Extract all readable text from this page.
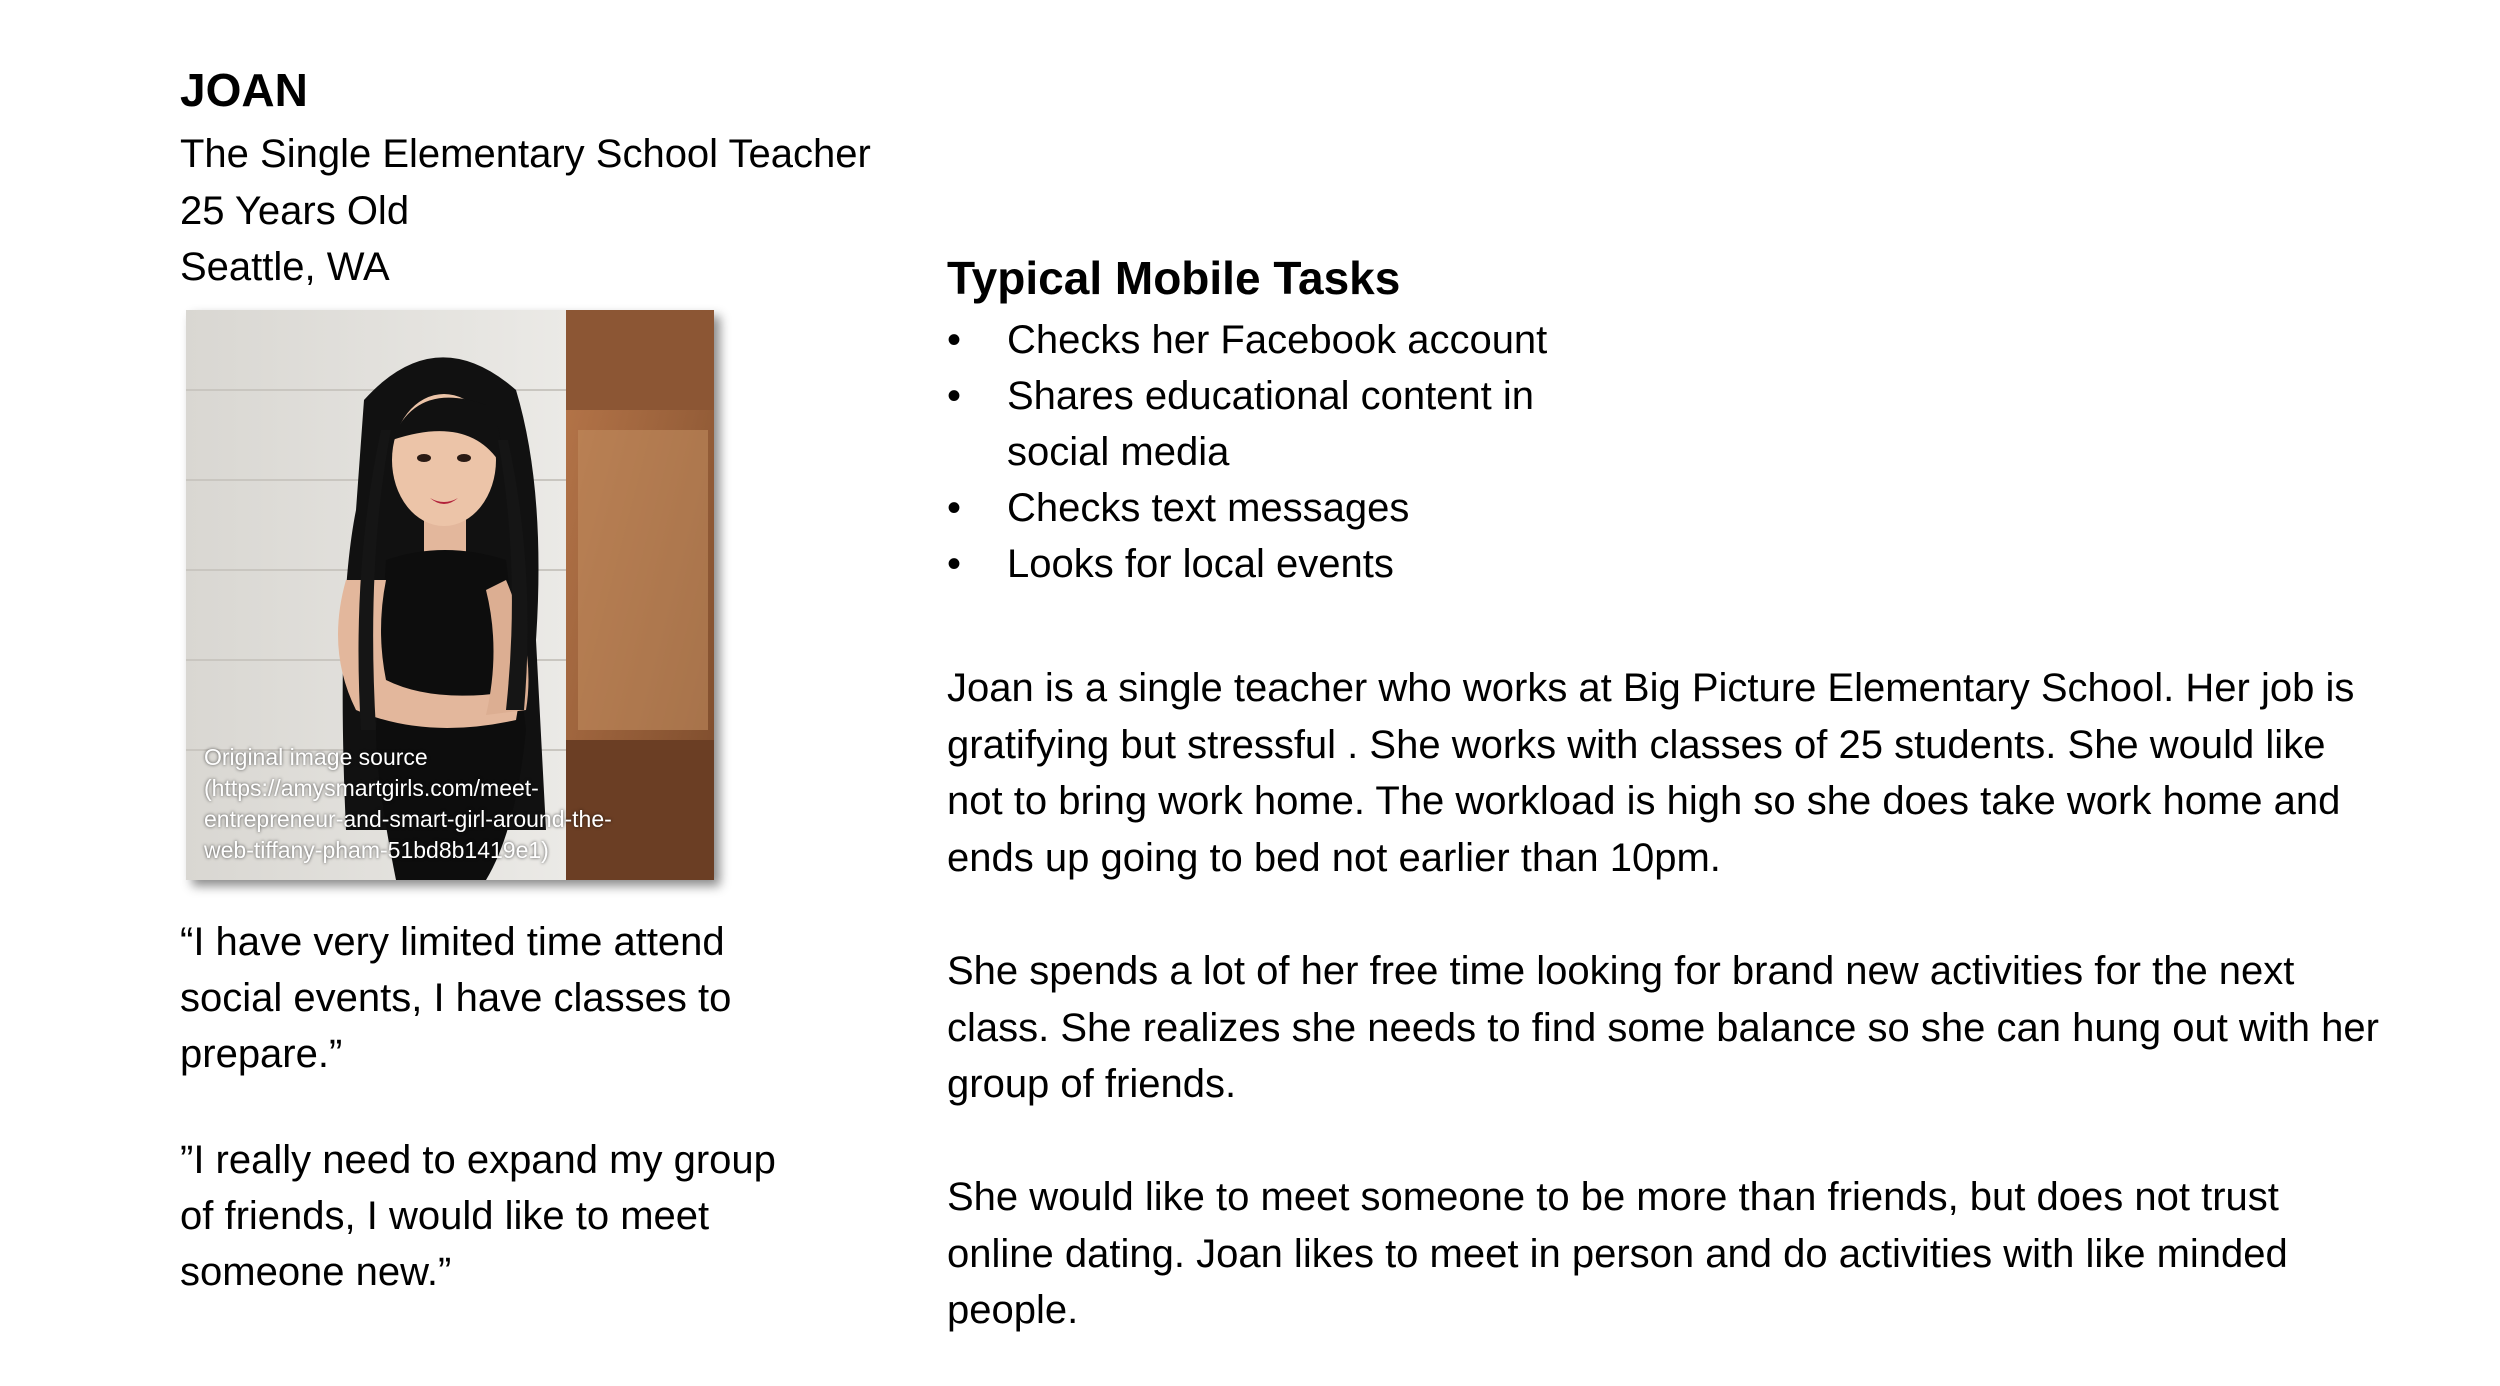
JOAN
The Single Elementary School Teacher
25 Years Old
Seattle, WA
Original image source
(https://amysmartgirls.com/meet-
entrepreneur-and-smart-girl-around-the-
web-tiffany-pham-51bd8b1419e1)
“I have very limited time attend
social events, I have classes to
prepare.”
”I really need to expand my group
of friends, I would like to meet
someone new.”
Typical Mobile Tasks
• Checks her Facebook account
• Shares educational content in
social media
• Checks text messages
• Looks for local events
Joan is a single teacher who works at Big Picture Elementary School. Her job is
gratifying but stressful . She works with classes of 25 students. She would like
not to bring work home. The workload is high so she does take work home and
ends up going to bed not earlier than 10pm.
She spends a lot of her free time looking for brand new activities for the next
class. She realizes she needs to find some balance so she can hung out with her
group of friends.
She would like to meet someone to be more than friends, but does not trust
online dating. Joan likes to meet in person and do activities with like minded
people.
